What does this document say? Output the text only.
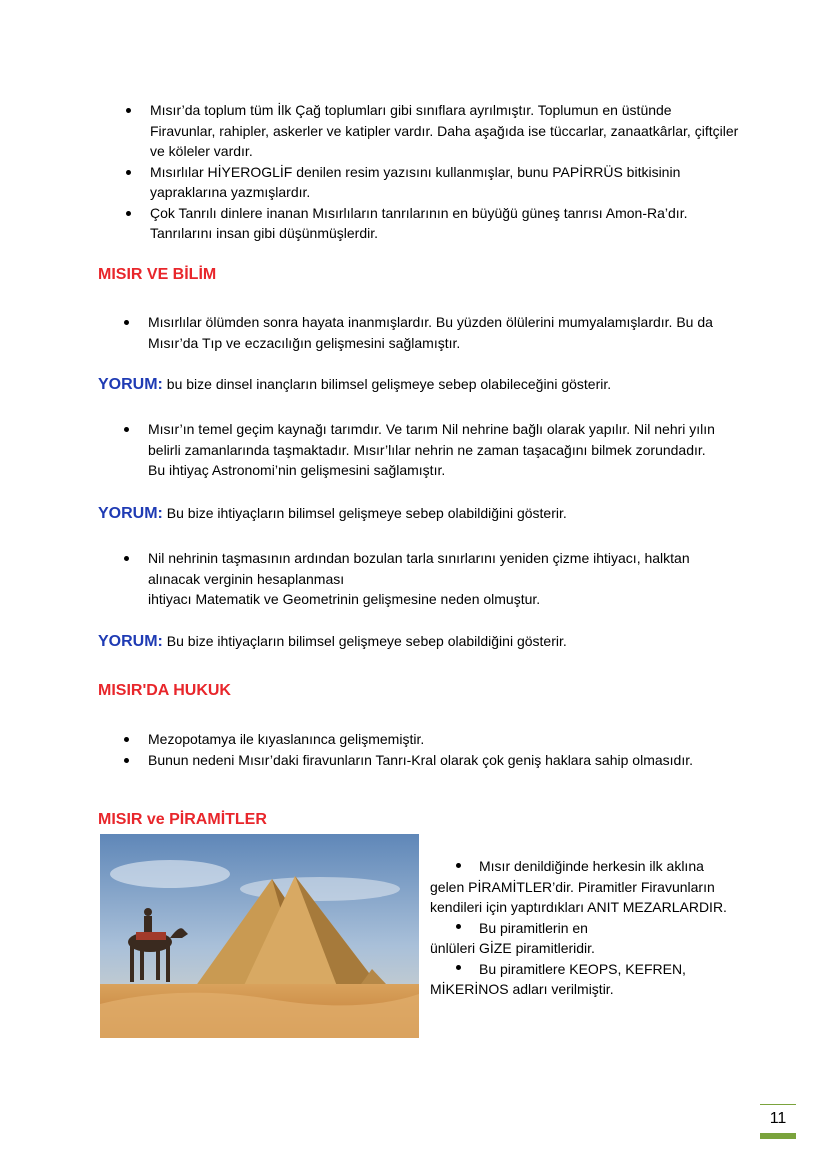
Mısır’da toplum tüm İlk Çağ toplumları gibi sınıflara ayrılmıştır. Toplumun en üstünde Firavunlar, rahipler, askerler ve katipler vardır. Daha aşağıda ise tüccarlar, zanaatkârlar, çiftçiler ve köleler vardır.
Mısırlılar HİYEROGLİF denilen resim yazısını kullanmışlar, bunu PAPİRRÜS bitkisinin yapraklarına yazmışlardır.
Çok Tanrılı dinlere inanan Mısırlıların tanrılarının en büyüğü güneş tanrısı Amon-Ra’dır. Tanrılarını insan gibi düşünmüşlerdir.
MISIR VE BİLİM
Mısırlılar ölümden sonra hayata inanmışlardır. Bu yüzden ölülerini mumyalamışlardır. Bu da Mısır’da Tıp ve eczacılığın gelişmesini sağlamıştır.
YORUM: bu bize dinsel inançların bilimsel gelişmeye sebep olabileceğini gösterir.
Mısır’ın temel geçim kaynağı tarımdır. Ve tarım Nil nehrine bağlı olarak yapılır. Nil nehri yılın belirli zamanlarında taşmaktadır. Mısır’lılar nehrin ne zaman taşacağını bilmek zorundadır. Bu ihtiyaç Astronomi’nin gelişmesini sağlamıştır.
YORUM: Bu bize ihtiyaçların bilimsel gelişmeye sebep olabildiğini gösterir.
Nil nehrinin taşmasının ardından bozulan tarla sınırlarını yeniden çizme ihtiyacı, halktan alınacak verginin hesaplanması
ihtiyacı Matematik ve Geometrinin gelişmesine neden olmuştur.
YORUM: Bu bize ihtiyaçların bilimsel gelişmeye sebep olabildiğini gösterir.
MISIR'DA HUKUK
Mezopotamya ile kıyaslanınca gelişmemiştir.
Bunun nedeni Mısır’daki firavunların Tanrı-Kral olarak çok geniş haklara sahip olmasıdır.
MISIR ve PİRAMİTLER

Mısır denildiğinde herkesin ilk aklına
gelen PİRAMİTLER’dir. Piramitler Firavunların kendileri için yaptırdıkları ANIT MEZARLARDIR.

Bu piramitlerin en
ünlüleri GİZE piramitleridir.

Bu piramitlere KEOPS, KEFREN,
MİKERİNOS adları verilmiştir.

11
